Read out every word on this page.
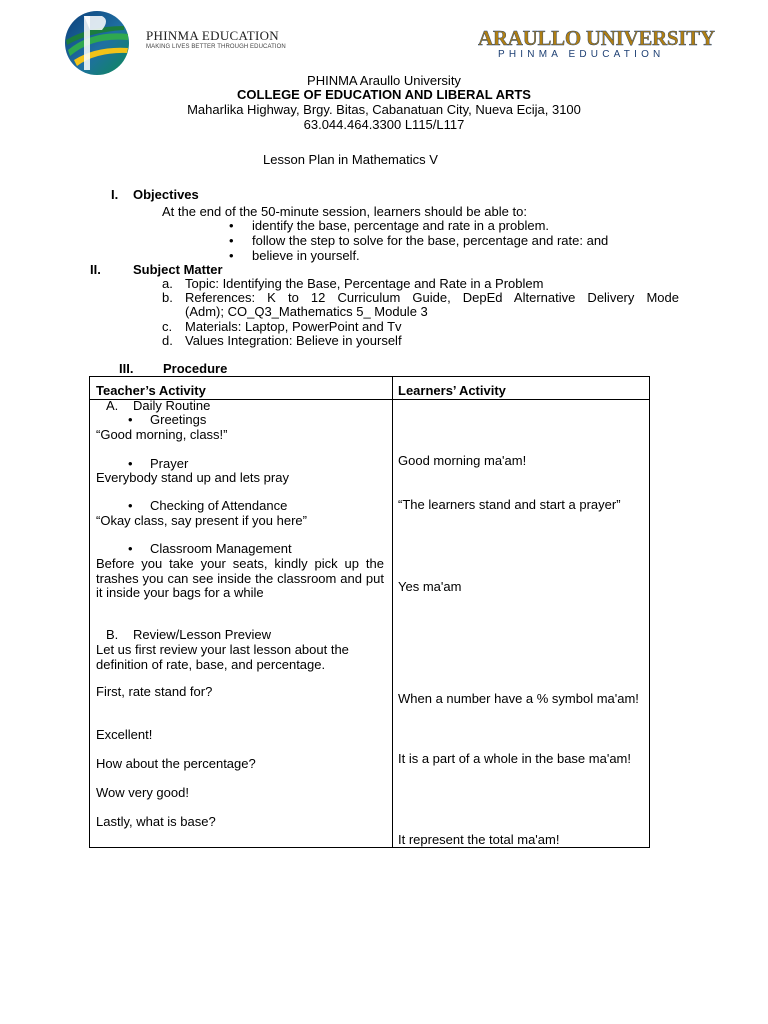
PHINMA EDUCATION
MAKING LIVES BETTER THROUGH EDUCATION	ARAULLO UNIVERSITY
PHINMA EDUCATION
PHINMA Araullo University
COLLEGE OF EDUCATION AND LIBERAL ARTS
Maharlika Highway, Brgy. Bitas, Cabanatuan City, Nueva Ecija, 3100
63.044.464.3300 L115/L117
Lesson Plan in Mathematics V
I. Objectives
At the end of the 50-minute session, learners should be able to:
• identify the base, percentage and rate in a problem.
• follow the step to solve for the base, percentage and rate: and
• believe in yourself.
II. Subject Matter
a. Topic: Identifying the Base, Percentage and Rate in a Problem
b. References: K to 12 Curriculum Guide, DepEd Alternative Delivery Mode
(Adm); CO_Q3_Mathematics 5_ Module 3
c. Materials: Laptop, PowerPoint and Tv
d. Values Integration: Believe in yourself
III. Procedure
Teacher’s Activity	Learners’ Activity
A. Daily Routine
• Greetings
“Good morning, class!”
• Prayer
Everybody stand up and lets pray
• Checking of Attendance
“Okay class, say present if you here”
• Classroom Management
Before you take your seats, kindly pick up the trashes you can see inside the classroom and put it inside your bags for a while
B. Review/Lesson Preview
Let us first review your last lesson about the definition of rate, base, and percentage.
First, rate stand for?
Excellent!
How about the percentage?
Wow very good!
Lastly, what is base?
Good morning ma'am!
“The learners stand and start a prayer”
Yes ma'am
When a number have a % symbol ma'am!
It is a part of a whole in the base ma'am!
It represent the total ma'am!
